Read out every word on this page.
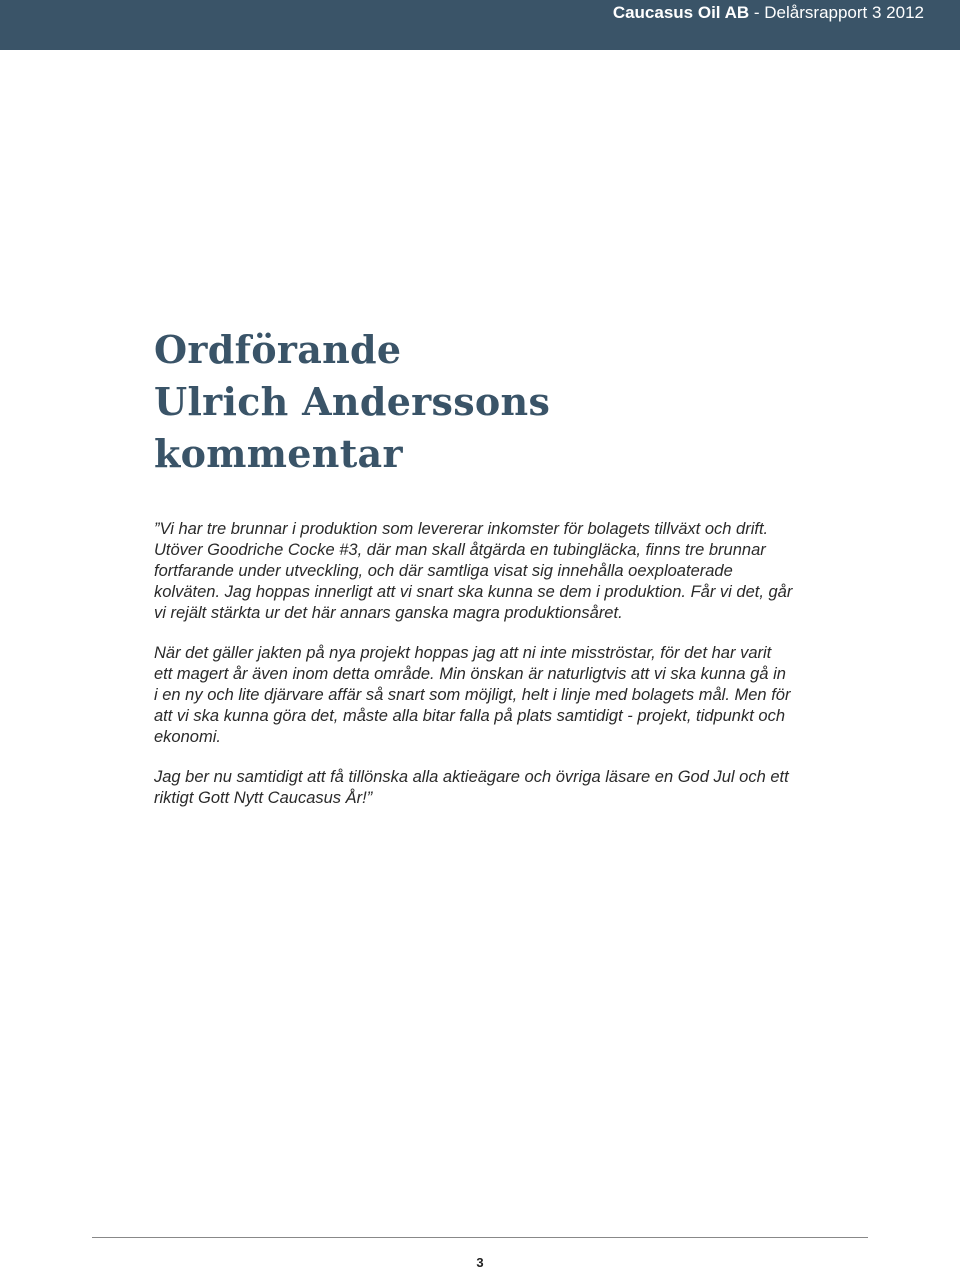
Caucasus Oil AB - Delårsrapport 3 2012
Ordförande
Ulrich Anderssons
kommentar

”Vi har tre brunnar i produktion som levererar inkomster för bolagets tillväxt och drift. Utöver Goodriche Cocke #3, där man skall åtgärda en tubingläcka, finns tre brunnar fortfarande under utveckling, och där samtliga visat sig innehålla oexploaterade kolväten. Jag hoppas innerligt att vi snart ska kunna se dem i produktion. Får vi det, går vi rejält stärkta ur det här annars ganska magra produktionsåret.

När det gäller jakten på nya projekt hoppas jag att ni inte misströstar, för det har varit ett magert år även inom detta område. Min önskan är naturligtvis att vi ska kunna gå in i en ny och lite djärvare affär så snart som möjligt, helt i linje med bolagets mål. Men för att vi ska kunna göra det, måste alla bitar falla på plats samtidigt - projekt, tidpunkt och ekonomi.

Jag ber nu samtidigt att få tillönska alla aktieägare och övriga läsare en God Jul och ett riktigt Gott Nytt Caucasus År!”

3
